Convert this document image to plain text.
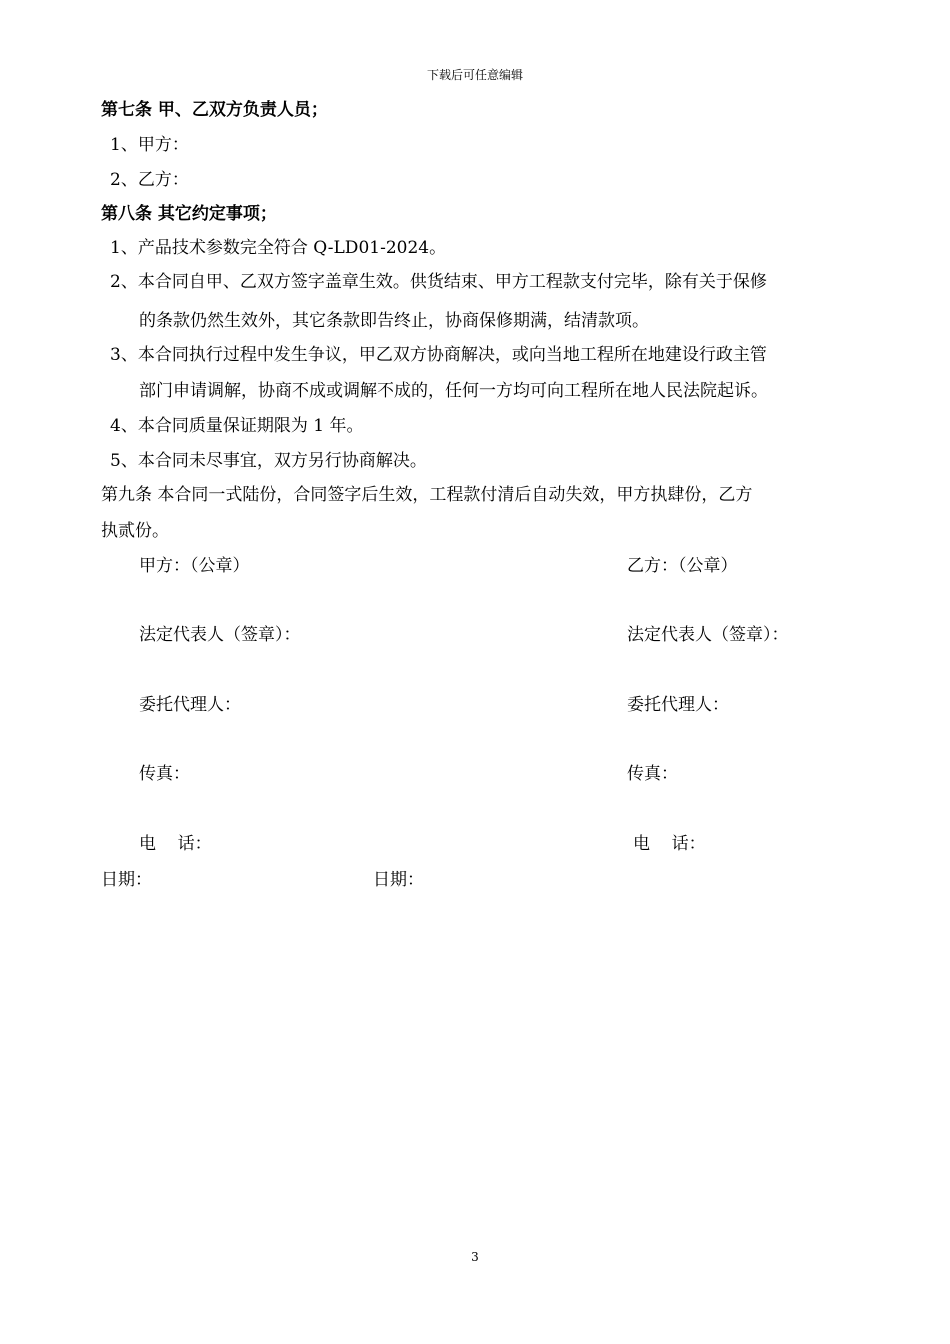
下载后可任意编辑
第七条 甲、乙双方负责人员；
1、甲方：
2、乙方：
第八条 其它约定事项；
1、产品技术参数完全符合 Q-LD01-2024。
2、本合同自甲、乙双方签字盖章生效。供货结束、甲方工程款支付完毕，除有关于保修
的条款仍然生效外，其它条款即告终止，协商保修期满，结清款项。
3、本合同执行过程中发生争议，甲乙双方协商解决，或向当地工程所在地建设行政主管
部门申请调解，协商不成或调解不成的，任何一方均可向工程所在地人民法院起诉。
4、本合同质量保证期限为 1 年。
5、本合同未尽事宜，双方另行协商解决。
第九条 本合同一式陆份，合同签字后生效，工程款付清后自动失效，甲方执肆份，乙方
执贰份。
甲方：（公章）	乙方：（公章）
法定代表人（签章）：	法定代表人（签章）：
委托代理人：	委托代理人：
传真：	传真：
电    话：	电    话：
日期：	日期：
3
